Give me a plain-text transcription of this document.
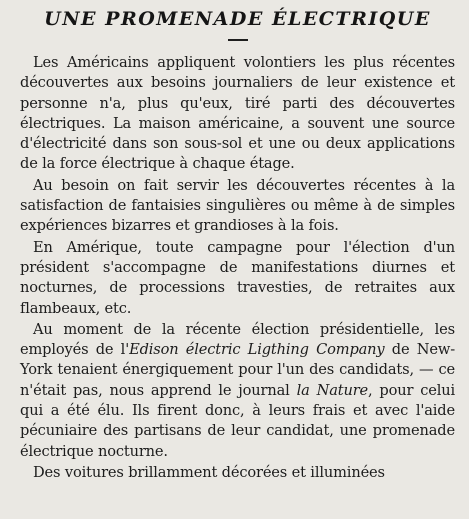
UNE PROMENADE ÉLECTRIQUE

Les Américains appliquent volontiers les plus récentes découvertes aux besoins journaliers de leur existence et personne n'a, plus qu'eux, tiré parti des découvertes électriques. La maison américaine, a souvent une source d'électricité dans son sous-sol et une ou deux applications de la force électrique à chaque étage.

Au besoin on fait servir les découvertes récentes à la satisfaction de fantaisies singulières ou même à de simples expériences bizarres et grandioses à la fois.

En Amérique, toute campagne pour l'élection d'un président s'accompagne de manifestations diurnes et nocturnes, de processions travesties, de retraites aux flambeaux, etc.

Au moment de la récente élection présidentielle, les employés de l'Edison électric Ligthing Company de New-York tenaient énergiquement pour l'un des candidats, — ce n'était pas, nous apprend le journal la Nature, pour celui qui a été élu. Ils firent donc, à leurs frais et avec l'aide pécuniaire des partisans de leur candidat, une promenade électrique nocturne.

Des voitures brillamment décorées et illuminées
